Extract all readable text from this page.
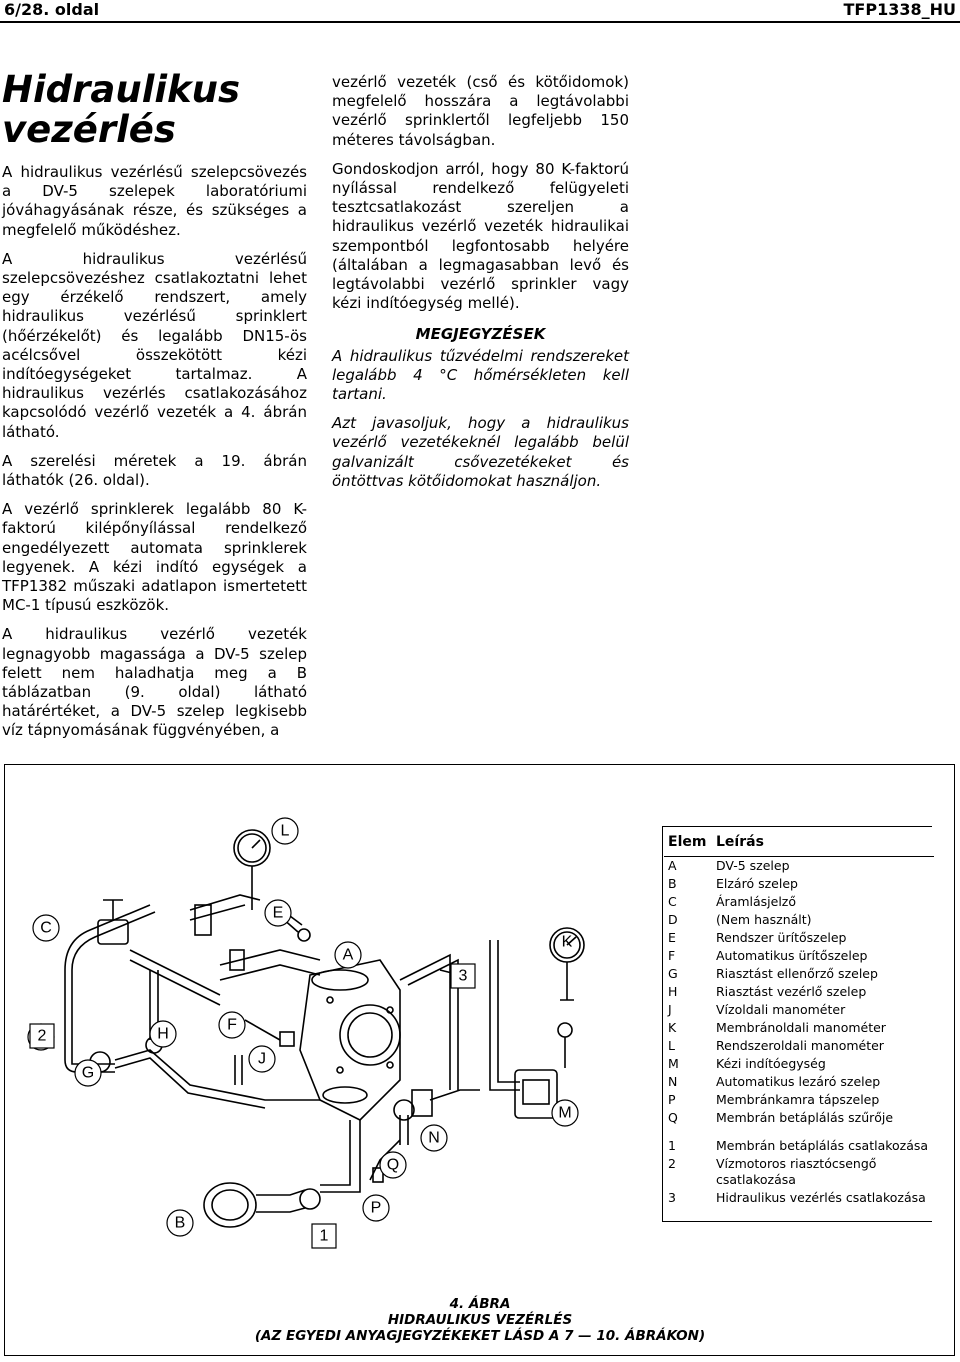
6/28. oldal	TFP1338_HU
Hidraulikus
vezérlés

A hidraulikus vezérlésű szelepcsövezés a DV-5 szelepek laboratóriumi jóváhagyásának része, és szükséges a megfelelő működéshez.

A hidraulikus vezérlésű szelepcsövezéshez csatlakoztatni lehet egy érzékelő rendszert, amely hidraulikus vezérlésű sprinklert (hőérzékelőt) és legalább DN15-ös acélcsővel összekötött kézi indítóegységeket tartalmaz. A hidraulikus vezérlés csatlakozásához kapcsolódó vezérlő vezeték a 4. ábrán látható.

A szerelési méretek a 19. ábrán láthatók (26. oldal).

A vezérlő sprinklerek legalább 80 K-faktorú kilépőnyílással rendelkező engedélyezett automata sprinklerek legyenek. A kézi indító egységek a TFP1382 műszaki adatlapon ismertetett MC-1 típusú eszközök.

A hidraulikus vezérlő vezeték legnagyobb magassága a DV-5 szelep felett nem haladhatja meg a B táblázatban (9. oldal) látható határértéket, a DV-5 szelep legkisebb víz tápnyomásának függvényében, a

vezérlő vezeték (cső és kötőidomok) megfelelő hosszára a legtávolabbi vezérlő sprinklertől legfeljebb 150 méteres távolságban.

Gondoskodjon arról, hogy 80 K-faktorú nyílással rendelkező felügyeleti tesztcsatlakozást szereljen a hidraulikus vezérlő vezeték hidraulikai szempontból legfontosabb helyére (általában a legmagasabban levő és legtávolabbi vezérlő sprinkler vagy kézi indítóegység mellé).

MEGJEGYZÉSEK

A hidraulikus tűzvédelmi rendszereket legalább 4 °C hőmérsékleten kell tartani.

Azt javasoljuk, hogy a hidraulikus vezérlő vezetékeknél legalább belül galvanizált csővezetékeket és öntöttvas kötőidomokat használjon.

L
E
C
K
A
3
2	H
F
G
J
M
N
Q
B
P
1
Elem	Leírás
A	DV-5 szelep
B	Elzáró szelep
C	Áramlásjelző
D	(Nem használt)
E	Rendszer ürítőszelep
F	Automatikus ürítőszelep
G	Riasztást ellenőrző szelep
H	Riasztást vezérlő szelep
J	Vízoldali manométer
K	Membránoldali manométer
L	Rendszeroldali manométer
M	Kézi indítóegység
N	Automatikus lezáró szelep
P	Membránkamra tápszelep
Q	Membrán betáplálás szűrője
1	Membrán betáplálás csatlakozása
2	Vízmotoros riasztócsengő csatlakozása
3	Hidraulikus vezérlés csatlakozása
4. ÁBRA
HIDRAULIKUS VEZÉRLÉS
(AZ EGYEDI ANYAGJEGYZÉKEKET LÁSD A 7 — 10. ÁBRÁKON)
